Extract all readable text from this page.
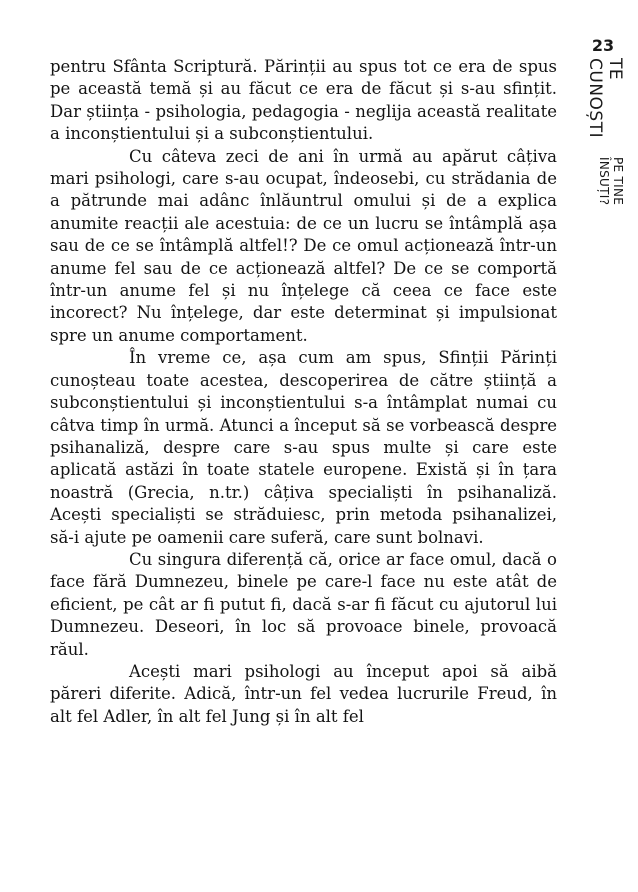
23
TE CUNOȘTI
PE TINE ÎNSUȚI?

pentru Sfânta Scriptură. Părinții au spus tot ce era de spus pe această temă și au făcut ce era de făcut și s-au sfințit. Dar știința - psihologia, pedagogia - neglija această realitate a inconștientului și a subconștientului.

Cu câteva zeci de ani în urmă au apărut câțiva mari psihologi, care s-au ocupat, îndeosebi, cu strădania de a pătrunde mai adânc înlăuntrul omului și de a explica anumite reacții ale acestuia: de ce un lucru se întâmplă așa sau de ce se întâmplă altfel!? De ce omul acționează într-un anume fel sau de ce acționează altfel? De ce se comportă într-un anume fel și nu înțelege că ceea ce face este incorect? Nu înțelege, dar este determinat și impulsionat spre un anume comportament.

În vreme ce, așa cum am spus, Sfinții Părinți cunoșteau toate acestea, descoperirea de către știință a subconștientului și inconștientului s-a întâmplat numai cu câtva timp în urmă. Atunci a început să se vorbească despre psihanaliză, despre care s-au spus multe și care este aplicată astăzi în toate statele europene. Există și în țara noastră (Grecia, n.tr.) câțiva specialiști în psihanaliză. Acești specialiști se străduiesc, prin metoda psihanalizei, să-i ajute pe oamenii care suferă, care sunt bolnavi.

Cu singura diferență că, orice ar face omul, dacă o face fără Dumnezeu, binele pe care-l face nu este atât de eficient, pe cât ar fi putut fi, dacă s-ar fi făcut cu ajutorul lui Dumnezeu. Deseori, în loc să provoace binele, provoacă răul.

Acești mari psihologi au început apoi să aibă păreri diferite. Adică, într-un fel vedea lucrurile Freud, în alt fel Adler, în alt fel Jung și în alt fel
